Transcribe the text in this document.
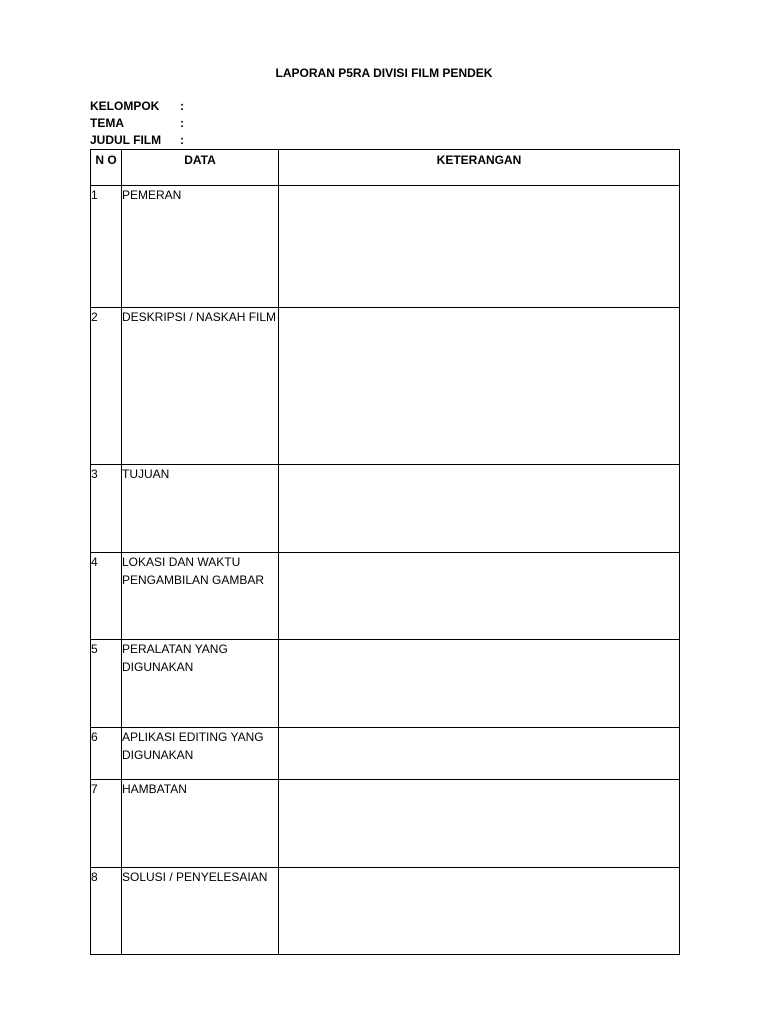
LAPORAN P5RA DIVISI FILM PENDEK
KELOMPOK	:
TEMA	:
JUDUL FILM	:
N O	DATA	KETERANGAN
1	PEMERAN	
2	DESKRIPSI / NASKAH FILM	
3	TUJUAN	
4	LOKASI DAN WAKTU PENGAMBILAN GAMBAR	
5	PERALATAN YANG DIGUNAKAN	
6	APLIKASI EDITING YANG DIGUNAKAN	
7	HAMBATAN	
8	SOLUSI / PENYELESAIAN	
